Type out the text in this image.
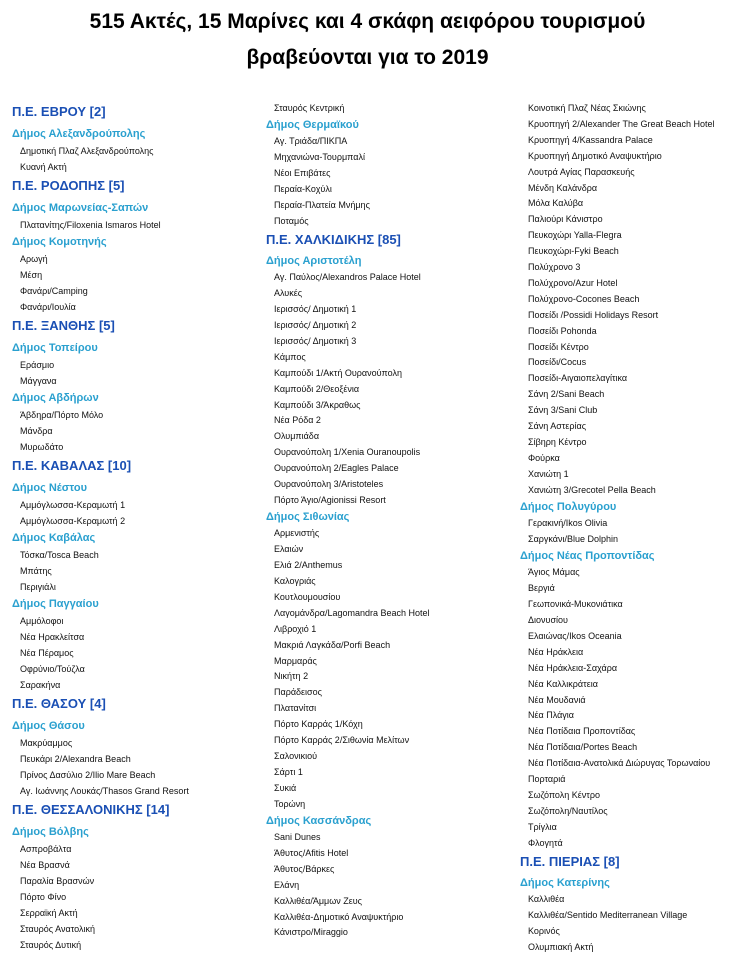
515 Ακτές, 15 Μαρίνες και 4 σκάφη αειφόρου τουρισμού
βραβεύονται για το 2019
Π.Ε. ΕΒΡΟΥ [2]
Δήμος Αλεξανδρούπολης
Δημοτική Πλαζ Αλεξανδρούπολης
Κυανή Ακτή
Π.Ε. ΡΟΔΟΠΗΣ [5]
Δήμος Μαρωνείας-Σαπών
Πλατανίτης/Filoxenia Ismaros Hotel
Δήμος Κομοτηνής
Αρωγή
Μέση
Φανάρι/Camping
Φανάρι/Ιουλία
Π.Ε. ΞΑΝΘΗΣ [5]
Δήμος Τοπείρου
Εράσμιο
Μάγγανα
Δήμος Αβδήρων
Άβδηρα/Πόρτο Μόλο
Μάνδρα
Μυρωδάτο
Π.Ε. ΚΑΒΑΛΑΣ [10]
Δήμος Νέστου
Αμμόγλωσσα-Κεραμωτή 1
Αμμόγλωσσα-Κεραμωτή 2
Δήμος Καβάλας
Τόσκα/Tosca Beach
Μπάτης
Περιγιάλι
Δήμος Παγγαίου
Αμμόλοφοι
Νέα Ηρακλείτσα
Νέα Πέραμος
Οφρύνιο/Τούζλα
Σαρακήνα
Π.Ε. ΘΑΣΟΥ [4]
Δήμος Θάσου
Μακρύαμμος
Πευκάρι 2/Alexandra Beach
Πρίνος Δασύλιο 2/Ilio Mare Beach
Αγ. Ιωάννης Λουκάς/Thasos Grand Resort
Π.Ε. ΘΕΣΣΑΛΟΝΙΚΗΣ [14]
Δήμος Βόλβης
Ασπροβάλτα
Νέα Βρασνά
Παραλία Βρασνών
Πόρτο Φίνο
Σερραϊκή Ακτή
Σταυρός Ανατολική
Σταυρός Δυτική
Σταυρός Κεντρική
Δήμος Θερμαϊκού
Αγ. Τριάδα/ΠΙΚΠΑ
Μηχανιώνα-Τουρμπαλί
Νέοι Επιβάτες
Περαία-Κοχύλι
Περαία-Πλατεία Μνήμης
Ποταμός
Π.Ε. ΧΑΛΚΙΔΙΚΗΣ [85]
Δήμος Αριστοτέλη
Αγ. Παύλος/Alexandros Palace Hotel
Αλυκές
Ιερισσός/ Δημοτική 1
Ιερισσός/ Δημοτική 2
Ιερισσός/ Δημοτική 3
Κάμπος
Καμπούδι 1/Ακτή Ουρανούπολη
Καμπούδι 2/Θεοξένια
Καμπούδι 3/Άκραθως
Νέα Ρόδα 2
Ολυμπιάδα
Ουρανούπολη 1/Xenia Ouranoupolis
Ουρανούπολη 2/Eagles Palace
Ουρανούπολη 3/Aristoteles
Πόρτο Άγιο/Agionissi Resort
Δήμος Σιθωνίας
Αρμενιστής
Ελαιών
Ελιά 2/Anthemus
Καλογριάς
Κουτλουμουσίου
Λαγομάνδρα/Lagomandra Beach Hotel
Λιβροχιό 1
Μακριά Λαγκάδα/Porfi Beach
Μαρμαράς
Νικήτη 2
Παράδεισος
Πλατανίτσι
Πόρτο Καρράς 1/Κόχη
Πόρτο Καρράς 2/Σιθωνία Μελίτων
Σαλονικιού
Σάρτι 1
Συκιά
Τορώνη
Δήμος Κασσάνδρας
Sani Dunes
Άθυτος/Afitis Hotel
Άθυτος/Βάρκες
Ελάνη
Καλλιθέα/Άμμων Ζευς
Καλλιθέα-Δημοτικό Αναψυκτήριο
Κάνιστρο/Miraggio
Κοινοτική Πλαζ Νέας Σκιώνης
Κρυοπηγή 2/Alexander The Great Beach Hotel
Κρυοπηγή 4/Kassandra Palace
Κρυοπηγή Δημοτικό Αναψυκτήριο
Λουτρά Αγίας Παρασκευής
Μένδη Καλάνδρα
Μόλα Καλύβα
Παλιούρι Κάνιστρο
Πευκοχώρι Yalla-Flegra
Πευκοχώρι-Fyki Beach
Πολύχρονο 3
Πολύχρονο/Azur Hotel
Πολύχρονο-Cocones Beach
Ποσείδι /Possidi Holidays Resort
Ποσείδι Pohonda
Ποσείδι Κέντρο
Ποσείδι/Cocus
Ποσείδι-Αιγαιοπελαγίτικα
Σάνη 2/Sani Beach
Σάνη 3/Sani Club
Σάνη Αστερίας
Σίβηρη Κέντρο
Φούρκα
Χανιώτη 1
Χανιώτη 3/Grecotel Pella Beach
Δήμος Πολυγύρου
Γερακινή/Ikos Olivia
Σαργκάνι/Blue Dolphin
Δήμος Νέας Προποντίδας
Άγιος Μάμας
Βεργιά
Γεωπονικά-Μυκονιάτικα
Διονυσίου
Ελαιώνας/Ikos Oceania
Νέα Ηράκλεια
Νέα Ηράκλεια-Σαχάρα
Νέα Καλλικράτεια
Νέα Μουδανιά
Νέα Πλάγια
Νέα Ποτίδαια Προποντίδας
Νέα Ποτίδαια/Portes Beach
Νέα Ποτίδαια-Ανατολικά Διώρυγας Τορωναίου
Πορταριά
Σωζόπολη Κέντρο
Σωζόπολη/Ναυτίλος
Τρίγλια
Φλογητά
Π.Ε. ΠΙΕΡΙΑΣ [8]
Δήμος Κατερίνης
Καλλιθέα
Καλλιθέα/Sentido Mediterranean Village
Κορινός
Ολυμπιακή Ακτή
